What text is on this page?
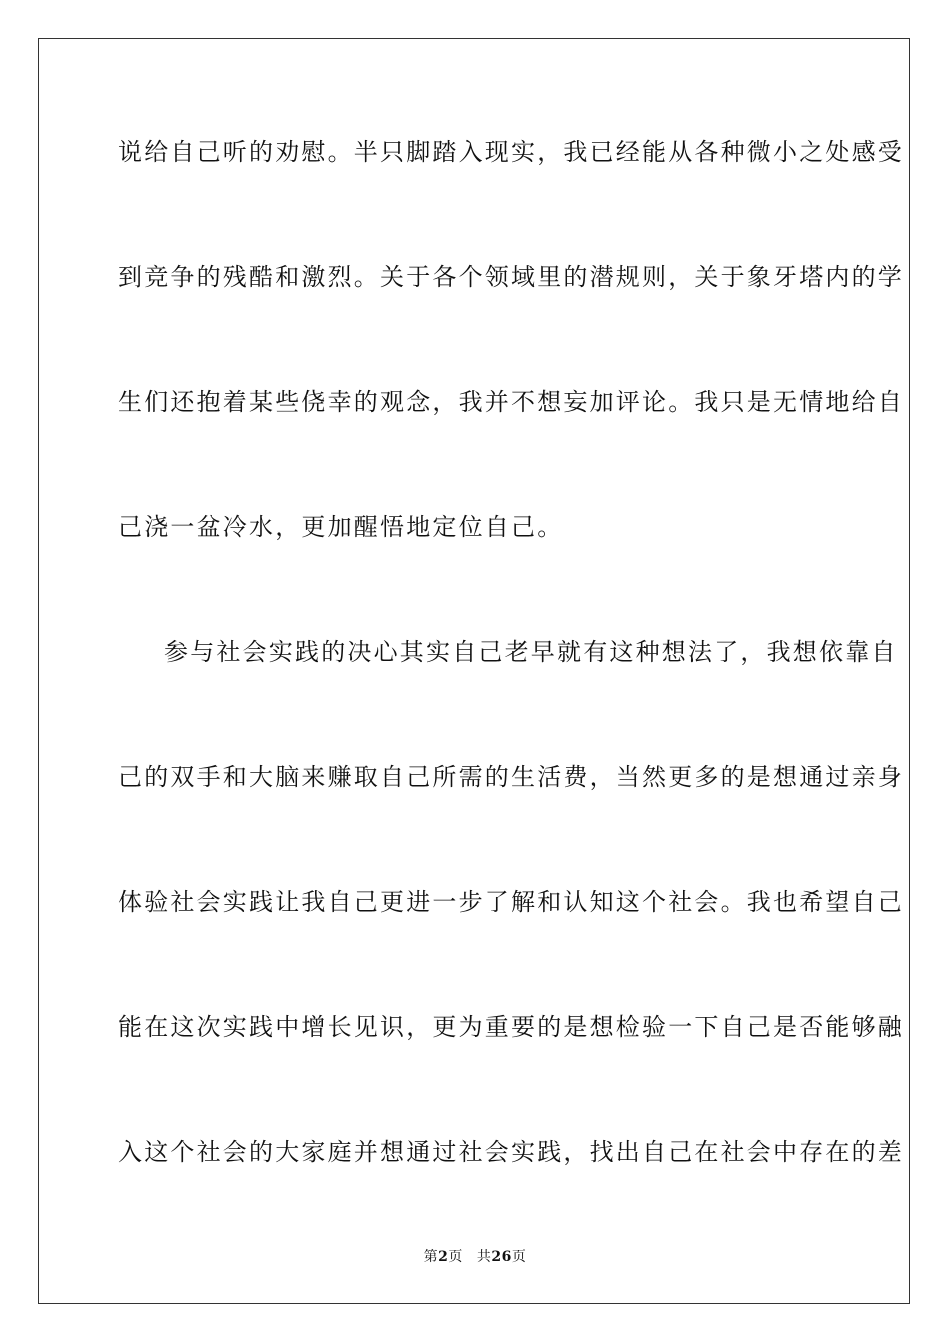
说给自己听的劝慰。半只脚踏入现实，我已经能从各种微小之处感受

到竞争的残酷和激烈。关于各个领域里的潜规则，关于象牙塔内的学

生们还抱着某些侥幸的观念，我并不想妄加评论。我只是无情地给自

己浇一盆冷水，更加醒悟地定位自己。

参与社会实践的决心其实自己老早就有这种想法了，我想依靠自

己的双手和大脑来赚取自己所需的生活费，当然更多的是想通过亲身

体验社会实践让我自己更进一步了解和认知这个社会。我也希望自己

能在这次实践中增长见识，更为重要的是想检验一下自己是否能够融

入这个社会的大家庭并想通过社会实践，找出自己在社会中存在的差

第2页 共26页
